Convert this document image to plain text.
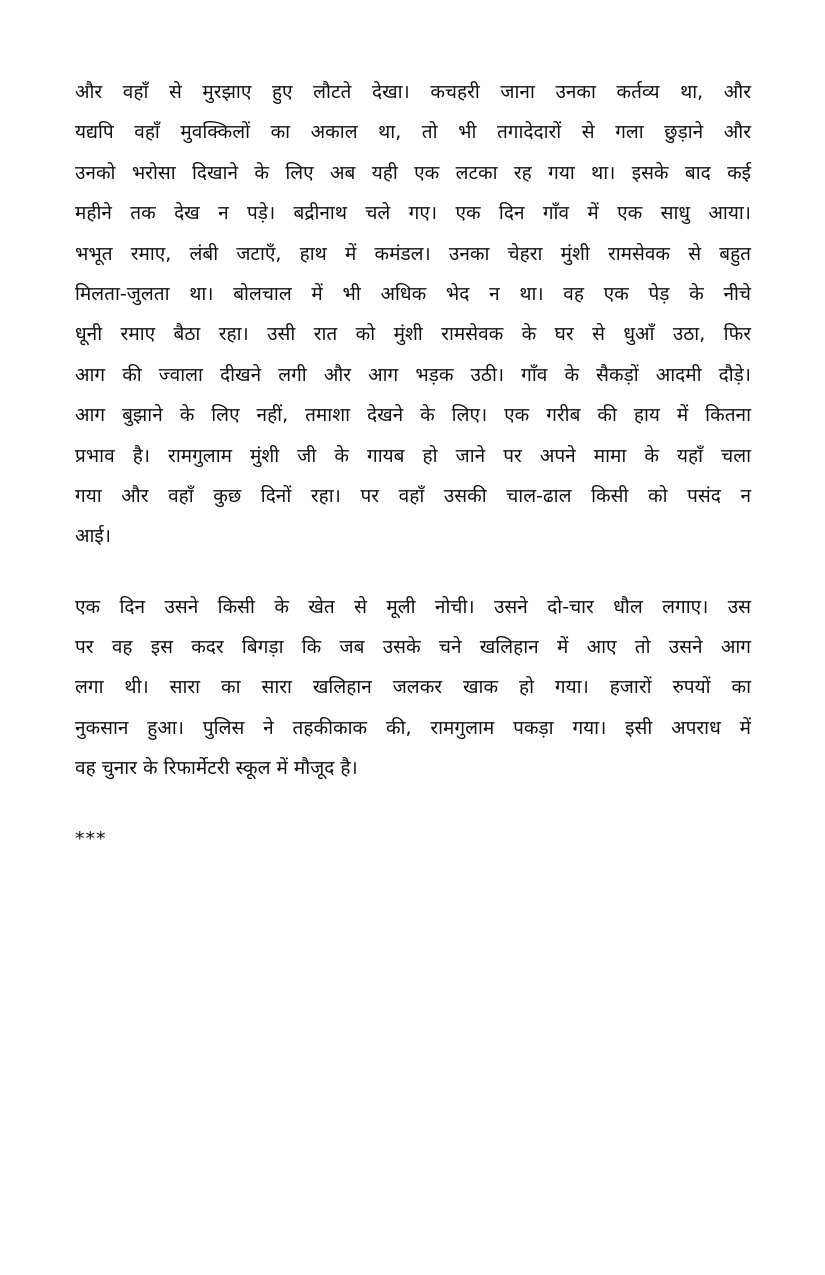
और वहाँ से मुरझाए हुए लौटते देखा। कचहरी जाना उनका कर्तव्य था, और
यद्यपि वहाँ मुवक्किलों का अकाल था, तो भी तगादेदारों से गला छुड़ाने और
उनको भरोसा दिखाने के लिए अब यही एक लटका रह गया था। इसके बाद कई
महीने तक देख न पड़े। बद्रीनाथ चले गए। एक दिन गाँव में एक साधु आया।
भभूत रमाए, लंबी जटाएँ, हाथ में कमंडल। उनका चेहरा मुंशी रामसेवक से बहुत
मिलता-जुलता था। बोलचाल में भी अधिक भेद न था। वह एक पेड़ के नीचे
धूनी रमाए बैठा रहा। उसी रात को मुंशी रामसेवक के घर से धुआँ उठा, फिर
आग की ज्वाला दीखने लगी और आग भड़क उठी। गाँव के सैकड़ों आदमी दौड़े।
आग बुझाने के लिए नहीं, तमाशा देखने के लिए। एक गरीब की हाय में कितना
प्रभाव है। रामगुलाम मुंशी जी के गायब हो जाने पर अपने मामा के यहाँ चला
गया और वहाँ कुछ दिनों रहा। पर वहाँ उसकी चाल-ढाल किसी को पसंद न
आई।
एक दिन उसने किसी के खेत से मूली नोची। उसने दो-चार धौल लगाए। उस
पर वह इस कदर बिगड़ा कि जब उसके चने खलिहान में आए तो उसने आग
लगा थी। सारा का सारा खलिहान जलकर खाक हो गया। हजारों रुपयों का
नुकसान हुआ। पुलिस ने तहकीकाक की, रामगुलाम पकड़ा गया। इसी अपराध में
वह चुनार के रिफार्मेटरी स्कूल में मौजूद है।
***
